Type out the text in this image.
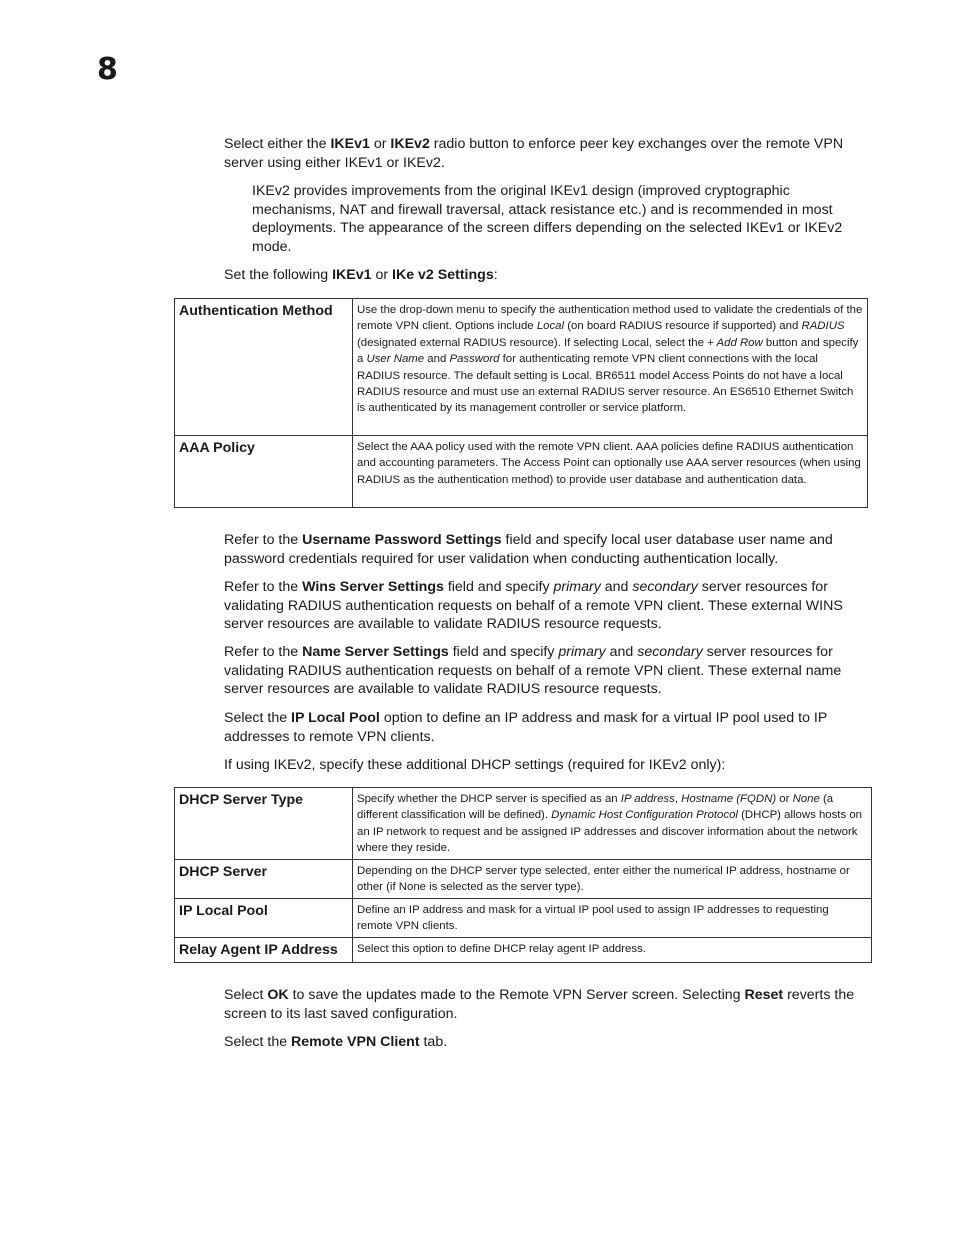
8

Select either the IKEv1 or IKEv2 radio button to enforce peer key exchanges over the remote VPN server using either IKEv1 or IKEv2.

IKEv2 provides improvements from the original IKEv1 design (improved cryptographic mechanisms, NAT and firewall traversal, attack resistance etc.) and is recommended in most deployments. The appearance of the screen differs depending on the selected IKEv1 or IKEv2 mode.

Set the following IKEv1 or IKe v2 Settings:

Authentication Method	Use the drop-down menu to specify the authentication method used to validate the credentials of the remote VPN client. Options include Local (on board RADIUS resource if supported) and RADIUS (designated external RADIUS resource). If selecting Local, select the + Add Row button and specify a User Name and Password for authenticating remote VPN client connections with the local RADIUS resource. The default setting is Local. BR6511 model Access Points do not have a local RADIUS resource and must use an external RADIUS server resource. An ES6510 Ethernet Switch is authenticated by its management controller or service platform.
AAA Policy	Select the AAA policy used with the remote VPN client. AAA policies define RADIUS authentication and accounting parameters. The Access Point can optionally use AAA server resources (when using RADIUS as the authentication method) to provide user database and authentication data.

Refer to the Username Password Settings field and specify local user database user name and password credentials required for user validation when conducting authentication locally.

Refer to the Wins Server Settings field and specify primary and secondary server resources for validating RADIUS authentication requests on behalf of a remote VPN client. These external WINS server resources are available to validate RADIUS resource requests.

Refer to the Name Server Settings field and specify primary and secondary server resources for validating RADIUS authentication requests on behalf of a remote VPN client. These external name server resources are available to validate RADIUS resource requests.

Select the IP Local Pool option to define an IP address and mask for a virtual IP pool used to IP addresses to remote VPN clients.

If using IKEv2, specify these additional DHCP settings (required for IKEv2 only):

DHCP Server Type	Specify whether the DHCP server is specified as an IP address, Hostname (FQDN) or None (a different classification will be defined). Dynamic Host Configuration Protocol (DHCP) allows hosts on an IP network to request and be assigned IP addresses and discover information about the network where they reside.
DHCP Server	Depending on the DHCP server type selected, enter either the numerical IP address, hostname or other (if None is selected as the server type).
IP Local Pool	Define an IP address and mask for a virtual IP pool used to assign IP addresses to requesting remote VPN clients.
Relay Agent IP Address	Select this option to define DHCP relay agent IP address.

Select OK to save the updates made to the Remote VPN Server screen. Selecting Reset reverts the screen to its last saved configuration.

Select the Remote VPN Client tab.
